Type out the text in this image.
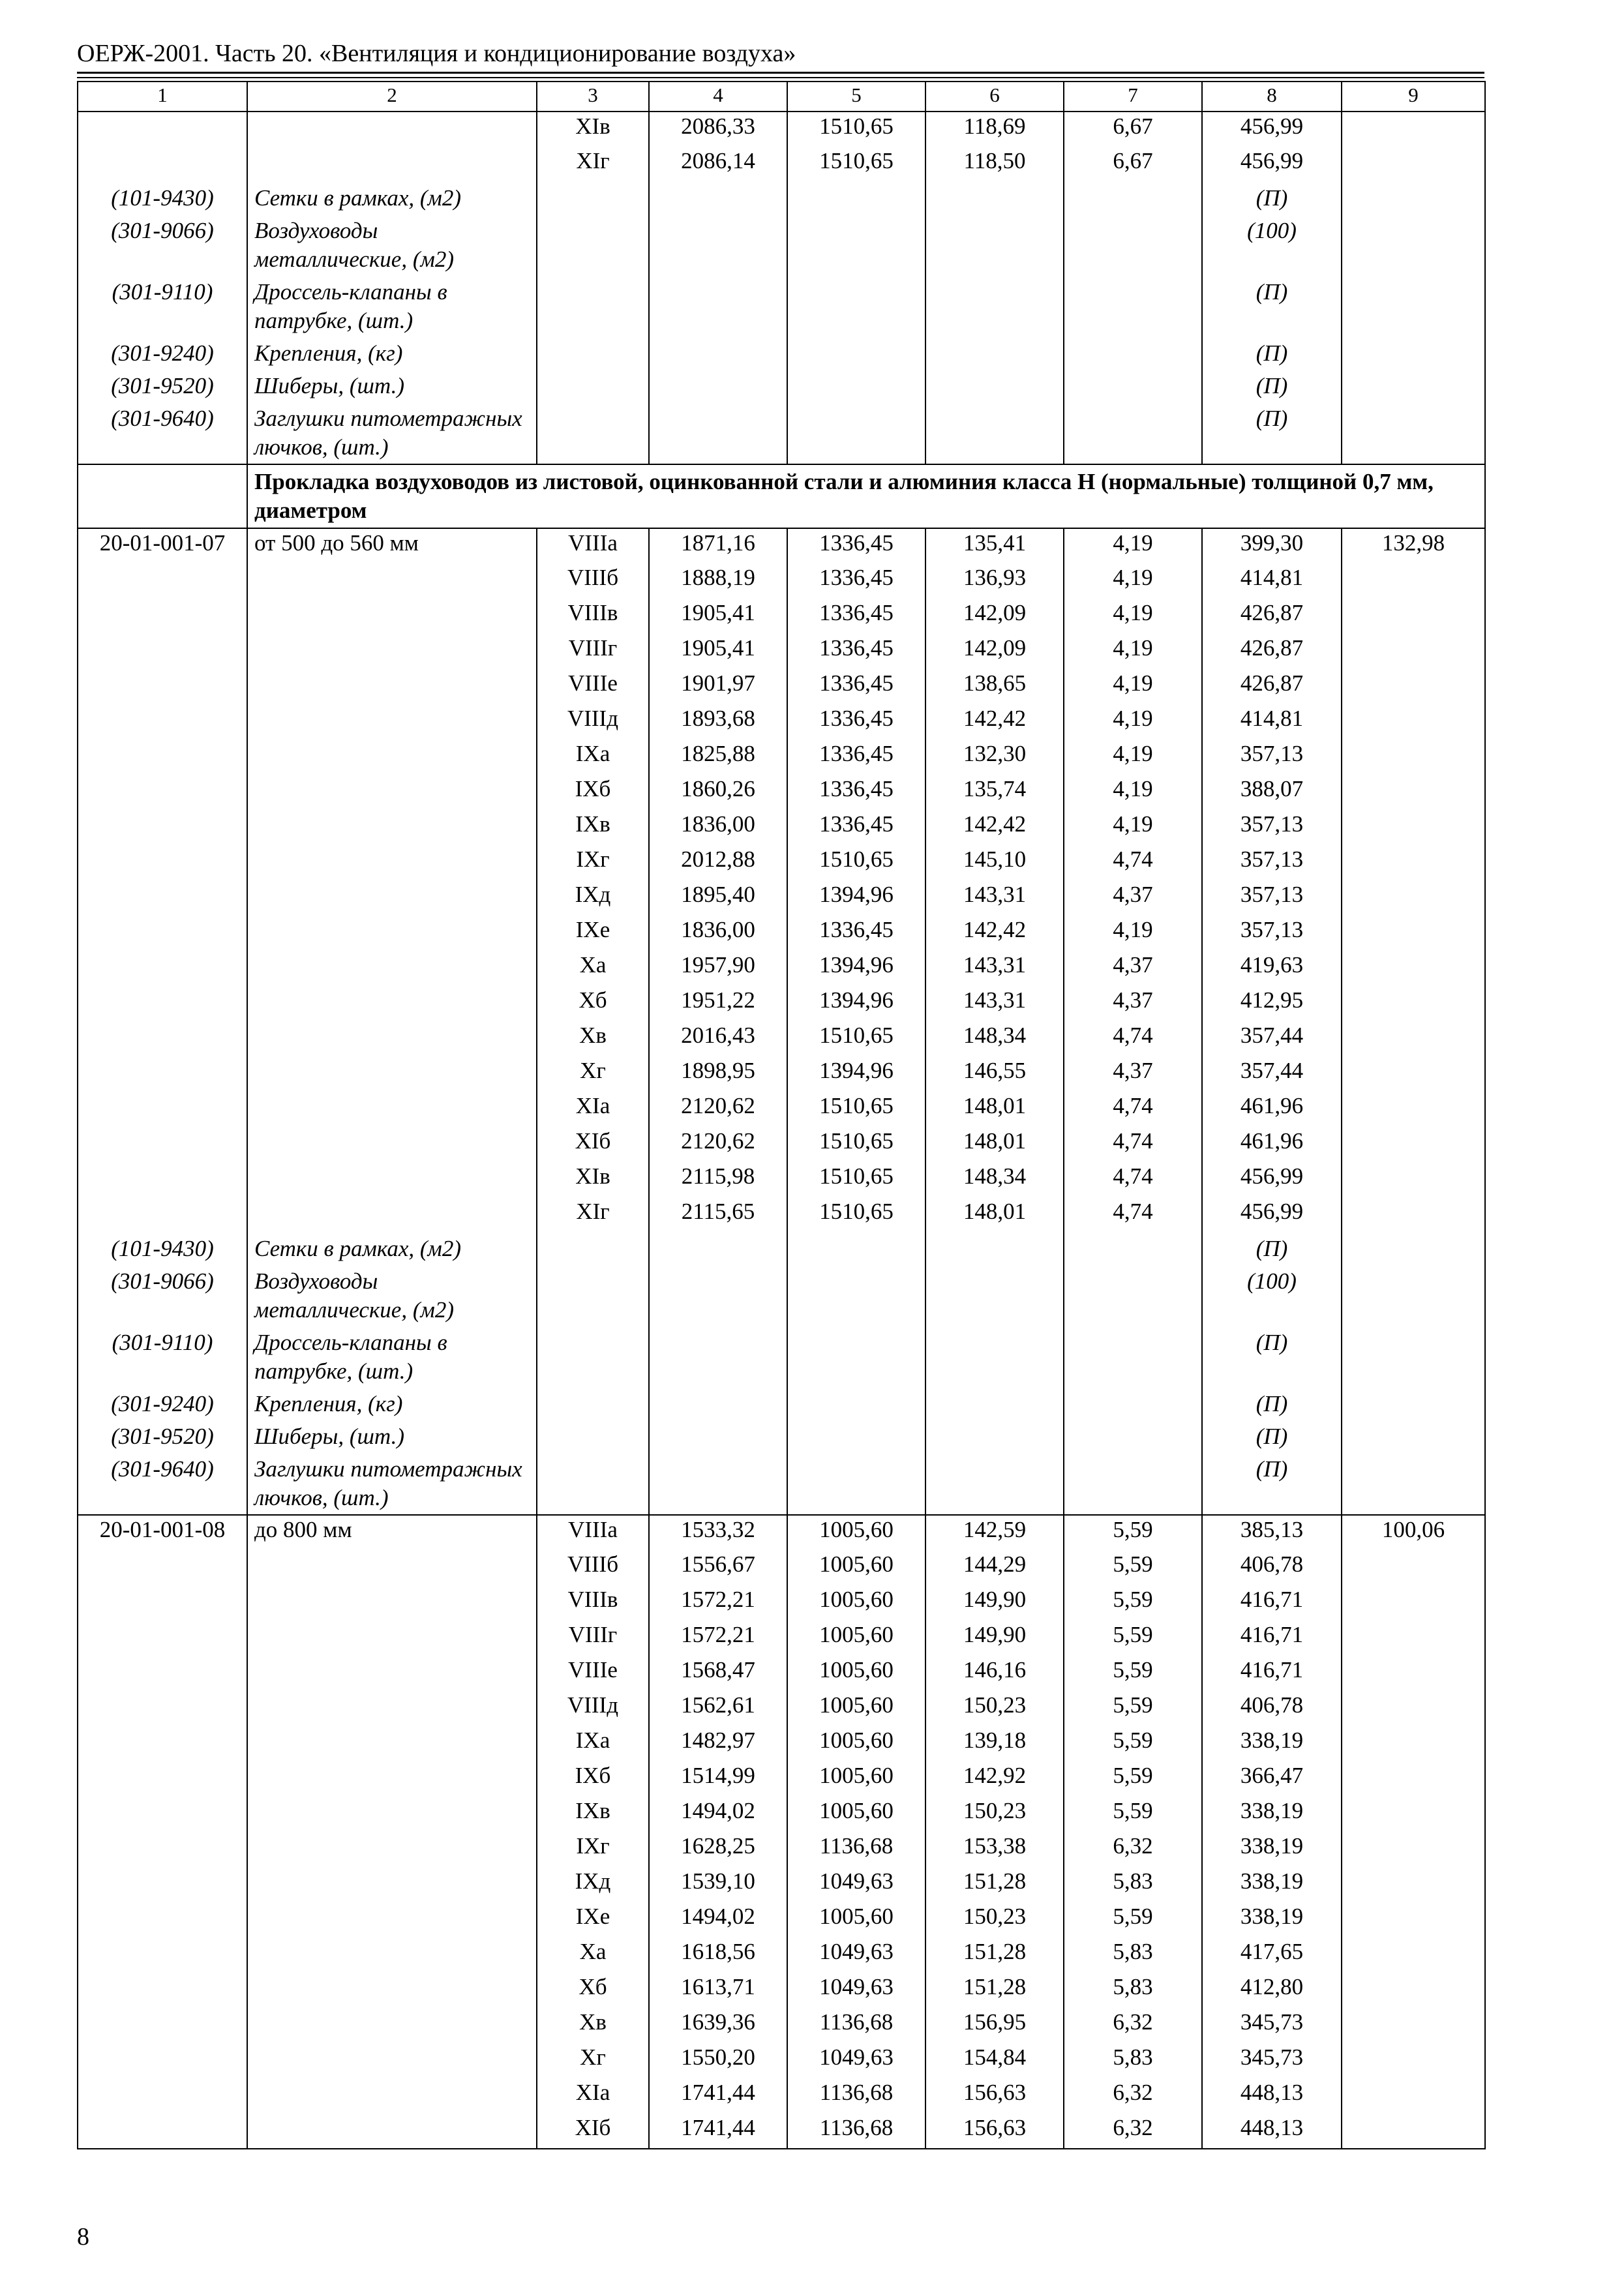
ОЕРЖ-2001. Часть 20. «Вентиляция и кондиционирование воздуха»
1	2	3	4	5	6	7	8	9
		XIв	2086,33	1510,65	118,69	6,67	456,99	
		XIг	2086,14	1510,65	118,50	6,67	456,99	
(101-9430)	Сетки в рамках, (м2)						(П)	
(301-9066)	Воздуховоды металлические, (м2)						(100)	
(301-9110)	Дроссель-клапаны в патрубке, (шт.)						(П)	
(301-9240)	Крепления, (кг)						(П)	
(301-9520)	Шиберы, (шт.)						(П)	
(301-9640)	Заглушки питометражных лючков, (шт.)						(П)	

	Прокладка воздуховодов из листовой, оцинкованной стали и алюминия класса Н (нормальные) толщиной 0,7 мм, диаметром							

20-01-001-07	от 500 до 560 мм	VIIIа	1871,16	1336,45	135,41	4,19	399,30	132,98
		VIIIб	1888,19	1336,45	136,93	4,19	414,81	
		VIIIв	1905,41	1336,45	142,09	4,19	426,87	
		VIIIг	1905,41	1336,45	142,09	4,19	426,87	
		VIIIе	1901,97	1336,45	138,65	4,19	426,87	
		VIIIд	1893,68	1336,45	142,42	4,19	414,81	
		IXа	1825,88	1336,45	132,30	4,19	357,13	
		IXб	1860,26	1336,45	135,74	4,19	388,07	
		IXв	1836,00	1336,45	142,42	4,19	357,13	
		IXг	2012,88	1510,65	145,10	4,74	357,13	
		IXд	1895,40	1394,96	143,31	4,37	357,13	
		IXе	1836,00	1336,45	142,42	4,19	357,13	
		Xа	1957,90	1394,96	143,31	4,37	419,63	
		Xб	1951,22	1394,96	143,31	4,37	412,95	
		Xв	2016,43	1510,65	148,34	4,74	357,44	
		Xг	1898,95	1394,96	146,55	4,37	357,44	
		XIа	2120,62	1510,65	148,01	4,74	461,96	
		XIб	2120,62	1510,65	148,01	4,74	461,96	
		XIв	2115,98	1510,65	148,34	4,74	456,99	
		XIг	2115,65	1510,65	148,01	4,74	456,99	
(101-9430)	Сетки в рамках, (м2)						(П)	
(301-9066)	Воздуховоды металлические, (м2)						(100)	
(301-9110)	Дроссель-клапаны в патрубке, (шт.)						(П)	
(301-9240)	Крепления, (кг)						(П)	
(301-9520)	Шиберы, (шт.)						(П)	
(301-9640)	Заглушки питометражных лючков, (шт.)						(П)	
20-01-001-08	до 800 мм	VIIIа	1533,32	1005,60	142,59	5,59	385,13	100,06
		VIIIб	1556,67	1005,60	144,29	5,59	406,78	
		VIIIв	1572,21	1005,60	149,90	5,59	416,71	
		VIIIг	1572,21	1005,60	149,90	5,59	416,71	
		VIIIе	1568,47	1005,60	146,16	5,59	416,71	
		VIIIд	1562,61	1005,60	150,23	5,59	406,78	
		IXа	1482,97	1005,60	139,18	5,59	338,19	
		IXб	1514,99	1005,60	142,92	5,59	366,47	
		IXв	1494,02	1005,60	150,23	5,59	338,19	
		IXг	1628,25	1136,68	153,38	6,32	338,19	
		IXд	1539,10	1049,63	151,28	5,83	338,19	
		IXе	1494,02	1005,60	150,23	5,59	338,19	
		Xа	1618,56	1049,63	151,28	5,83	417,65	
		Xб	1613,71	1049,63	151,28	5,83	412,80	
		Xв	1639,36	1136,68	156,95	6,32	345,73	
		Xг	1550,20	1049,63	154,84	5,83	345,73	
		XIа	1741,44	1136,68	156,63	6,32	448,13	
		XIб	1741,44	1136,68	156,63	6,32	448,13	
8
